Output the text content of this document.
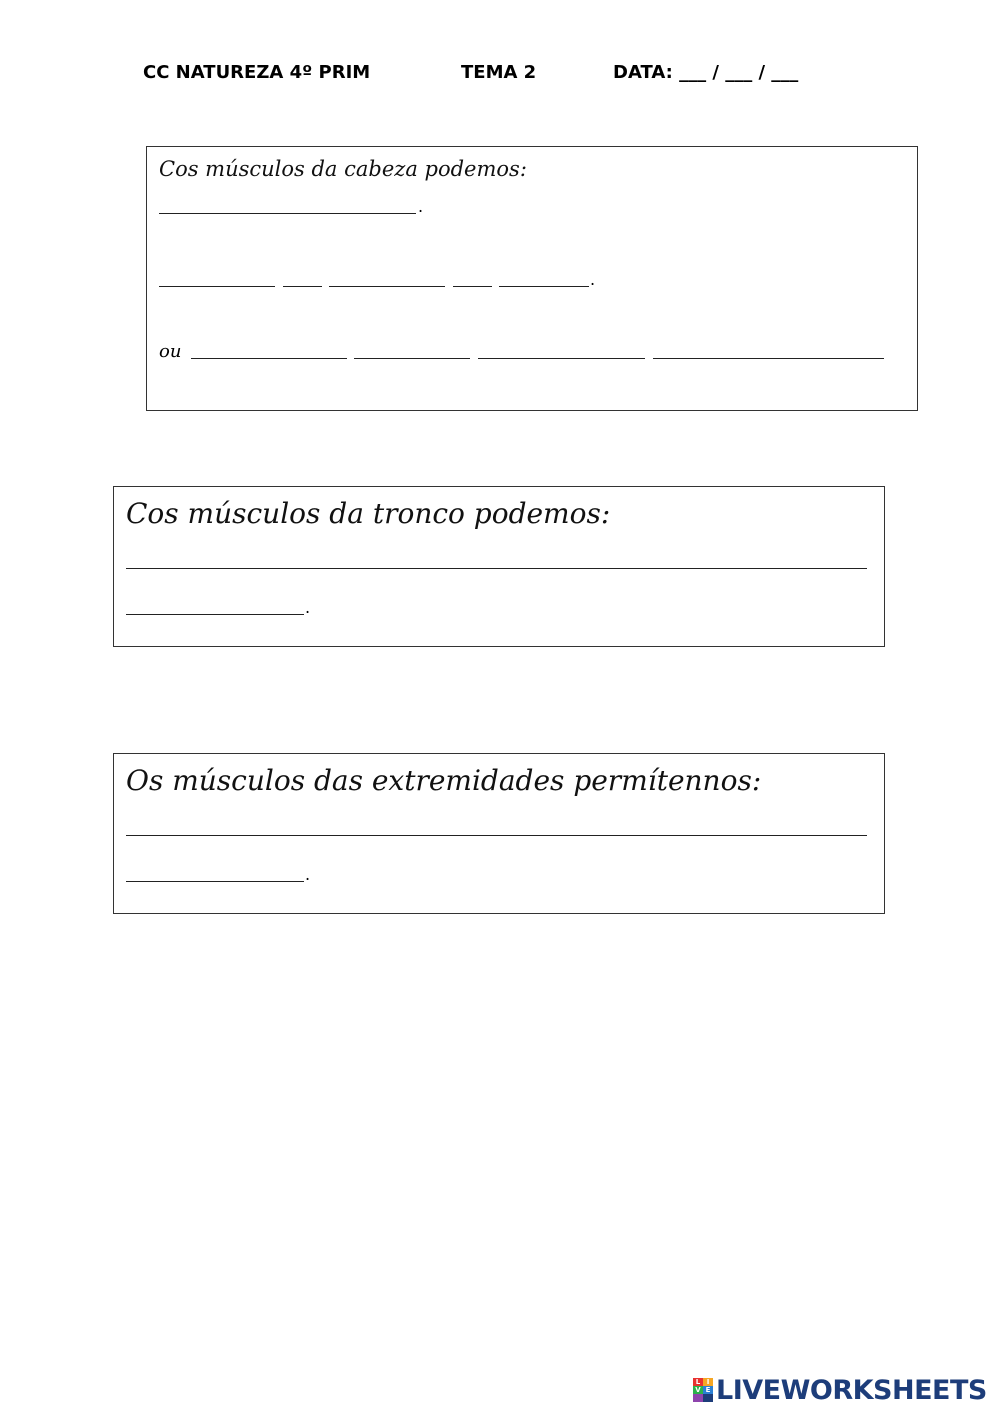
CC NATUREZA 4º PRIM	TEMA 2	DATA: ___ / ___ / ___
Cos músculos da cabeza podemos:
.
.
ou
Cos músculos da tronco podemos:
.
Os músculos das extremidades permítennos:
.
L I
V E LIVEWORKSHEETS
